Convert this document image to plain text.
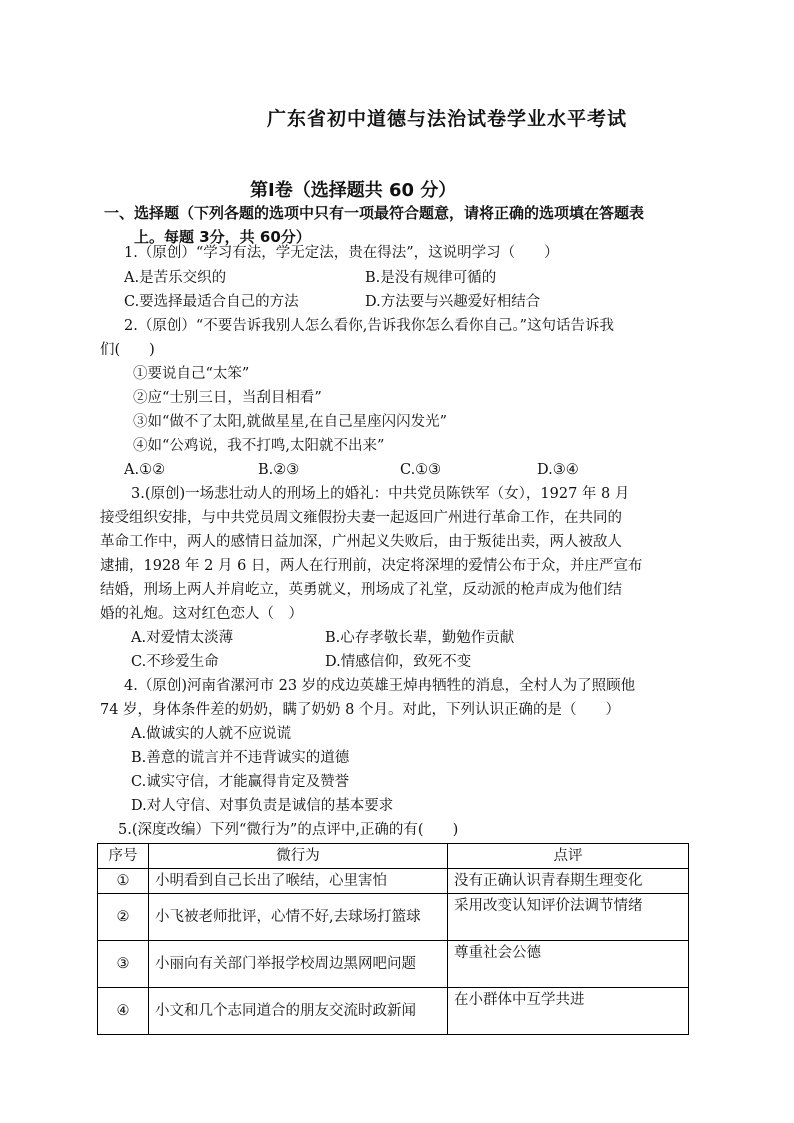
广东省初中道德与法治试卷学业水平考试
第Ⅰ卷（选择题共 60 分）
一、选择题（下列各题的选项中只有一项最符合题意，请将正确的选项填在答题表
上。每题 3分，共 60分）
1.（原创）“学习有法，学无定法，贵在得法”，这说明学习（　　）
A.是苦乐交织的	B.是没有规律可循的
C.要选择最适合自己的方法	D.方法要与兴趣爱好相结合
2.（原创）“不要告诉我别人怎么看你,告诉我你怎么看你自己。”这句话告诉我
们(　　)
①要说自己“太笨”
②应“士别三日，当刮目相看”
③如“做不了太阳,就做星星,在自己星座闪闪发光”
④如“公鸡说，我不打鸣,太阳就不出来”
A.①②	B.②③	C.①③	D.③④
3.(原创)一场悲壮动人的刑场上的婚礼：中共党员陈铁军（女），1927 年 8 月
接受组织安排，与中共党员周文雍假扮夫妻一起返回广州进行革命工作，在共同的
革命工作中，两人的感情日益加深，广州起义失败后，由于叛徒出卖，两人被敌人
逮捕，1928 年 2 月 6 日，两人在行刑前，决定将深埋的爱情公布于众，并庄严宣布
结婚，刑场上两人并肩屹立，英勇就义，刑场成了礼堂，反动派的枪声成为他们结
婚的礼炮。这对红色恋人（　）
A.对爱情太淡薄	B.心存孝敬长辈，勤勉作贡献
C.不珍爱生命	D.情感信仰，致死不变
4.（原创)河南省漯河市 23 岁的戍边英雄王焯冉牺牲的消息，全村人为了照顾他
74 岁，身体条件差的奶奶，瞒了奶奶 8 个月。对此，下列认识正确的是（　　）
A.做诚实的人就不应说谎
B.善意的谎言并不违背诚实的道德
C.诚实守信，才能赢得肯定及赞誉
D.对人守信、对事负责是诚信的基本要求
5.(深度改编）下列“微行为”的点评中,正确的有(　　)
序号	微行为	点评
①	小明看到自己长出了喉结，心里害怕	没有正确认识青春期生理变化
②	小飞被老师批评，心情不好,去球场打篮球	采用改变认知评价法调节情绪
③	小丽向有关部门举报学校周边黑网吧问题	尊重社会公德
④	小文和几个志同道合的朋友交流时政新闻	在小群体中互学共进
